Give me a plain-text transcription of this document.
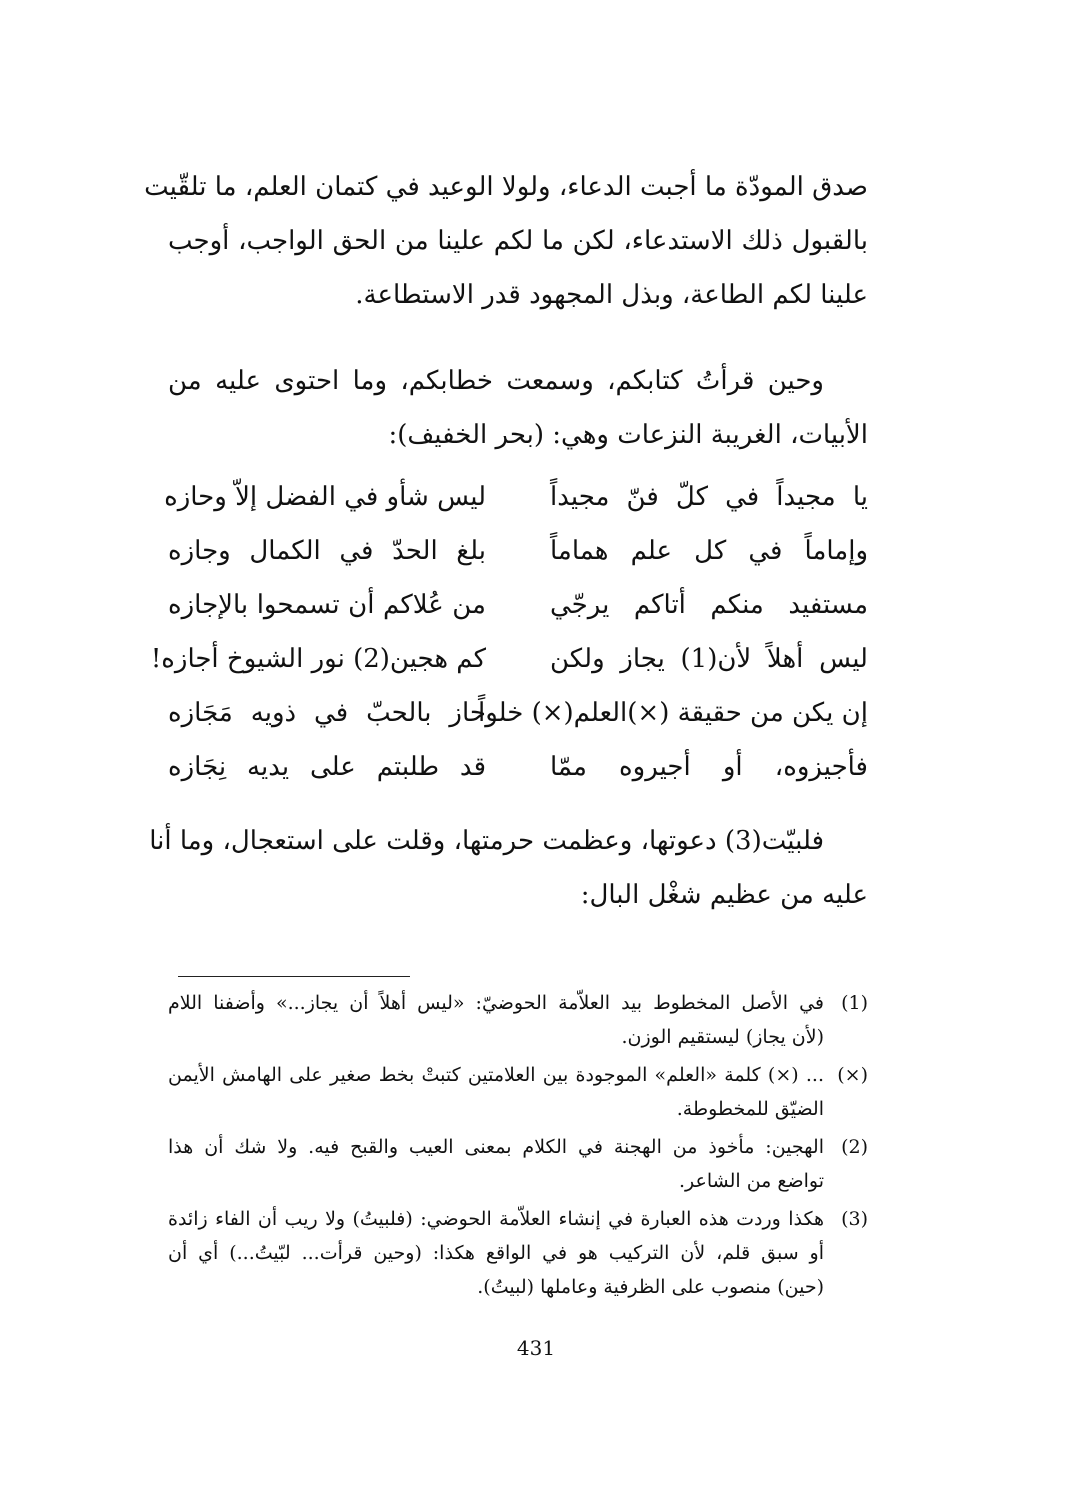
صدق المودّة ما أجبت الدعاء، ولولا الوعيد في كتمان العلم، ما تلقّيت
بالقبول ذلك الاستدعاء، لكن ما لكم علينا من الحق الواجب، أوجب
علينا لكم الطاعة، وبذل المجهود قدر الاستطاعة.
وحين قرأتُ كتابكم، وسمعت خطابكم، وما احتوى عليه من
الأبيات، الغريبة النزعات وهي: (بحر الخفيف):
يا مجيداً في كلّ فنّ مجيداً
ليس شأو في الفضل إلاّ وحازه
وإماماً في كل علم هماماً
بلغ الحدّ في الكمال وجازه
مستفيد منكم أتاكم يرجّي
من عُلاكم أن تسمحوا بالإجازه
ليس أهلاً لأن(1) يجاز ولكن
كم هجين(2) نور الشيوخ أجازه!
إن يكن من حقيقة (×)العلم(×) خلواً
حاز بالحبّ في ذويه مَجَازه
فأجيزوه، أو أجيروه ممّا
قد طلبتم على يديه نِجَازه
فلبيّت(3) دعوتها، وعظمت حرمتها، وقلت على استعجال، وما أنا
عليه من عظيم شغْل البال:
(1)
في الأصل المخطوط بيد العلاّمة الحوضيّ: «ليس أهلاً أن يجاز...» وأضفنا اللام
(لأن يجاز) ليستقيم الوزن.
(×)
... (×) كلمة «العلم» الموجودة بين العلامتين كتبتْ بخط صغير على الهامش الأيمن
الضيّق للمخطوطة.
(2)
الهجين: مأخوذ من الهجنة في الكلام بمعنى العيب والقبح فيه. ولا شك أن هذا
تواضع من الشاعر.
(3)
هكذا وردت هذه العبارة في إنشاء العلاّمة الحوضي: (فلبيتُ) ولا ريب أن الفاء زائدة
أو سبق قلم، لأن التركيب هو في الواقع هكذا: (وحين قرأت... لبّيتُ...) أي أن
(حين) منصوب على الظرفية وعاملها (لبيتُ).
431
